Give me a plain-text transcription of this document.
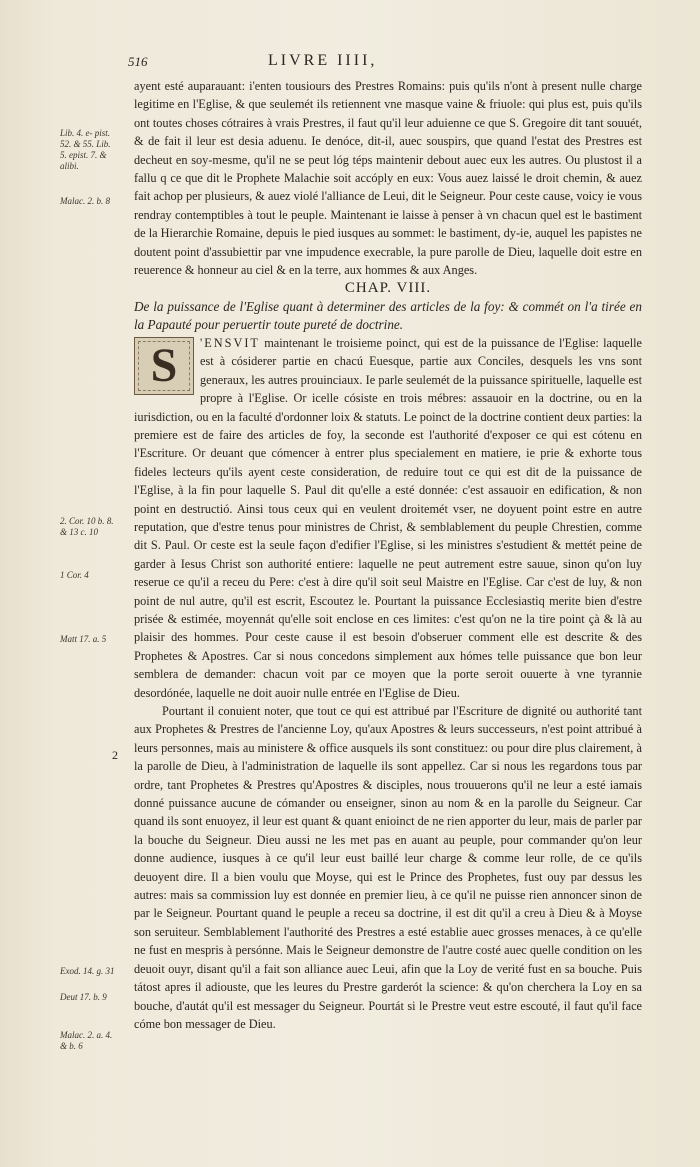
516	LIVRE IIII,
Lib. 4. e- pist. 52. & 55. Lib. 5. epist. 7. & alibi.
Malac. 2. b. 8
2. Cor. 10 b. 8. & 13 c. 10
1 Cor. 4
Matt 17. a. 5
Exod. 14. g. 31
Deut 17. b. 9
Malac. 2. a. 4. & b. 6
2

ayent esté auparauant: i'enten tousiours des Prestres Romains: puis qu'ils n'ont à present nulle charge legitime en l'Eglise, & que seulemét ils retiennent vne masque vaine & friuole: qui plus est, puis qu'ils ont toutes choses cótraires à vrais Prestres, il faut qu'il leur aduienne ce que S. Gregoire dit tant souuét, & de fait il leur est desia aduenu. Ie denóce, dit-il, auec souspirs, que quand l'estat des Prestres est decheut en soy-mesme, qu'il ne se peut lóg téps maintenir debout auec eux les autres. Ou plustost il a fallu q ce que dit le Prophete Malachie soit accóply en eux: Vous auez laissé le droit chemin, & auez fait achop per plusieurs, & auez violé l'alliance de Leui, dit le Seigneur. Pour ceste cause, voicy ie vous rendray contemptibles à tout le peuple. Maintenant ie laisse à penser à vn chacun quel est le bastiment de la Hierarchie Romaine, depuis le pied iusques au sommet: le bastiment, dy-ie, auquel les papistes ne doutent point d'assubiettir par vne impudence execrable, la pure parolle de Dieu, laquelle doit estre en reuerence & honneur au ciel & en la terre, aux hommes & aux Anges.

CHAP. VIII.

De la puissance de l'Eglise quant à determiner des articles de la foy: & commét on l'a tirée en la Papauté pour peruertir toute pureté de doctrine.

S	'ENSVIT maintenant le troisieme poinct, qui est de la puissance de l'Eglise: laquelle est à cósiderer partie en chacú Euesque, partie aux Conciles, desquels les vns sont generaux, les autres prouinciaux. Ie parle seulemét de la puissance spirituelle, laquelle est propre à l'Eglise. Or icelle cósiste en trois mébres: assauoir en la doctrine, ou en la iurisdiction, ou en la faculté d'ordonner loix & statuts. Le poinct de la doctrine contient deux parties: la premiere est de faire des articles de foy, la seconde est l'authorité d'exposer ce qui est cótenu en l'Escriture. Or deuant que cómencer à entrer plus specialement en matiere, ie prie & exhorte tous fideles lecteurs qu'ils ayent ceste consideration, de reduire tout ce qui est dit de la puissance de l'Eglise, à la fin pour laquelle S. Paul dit qu'elle a esté donnée: c'est assauoir en edification, & non point en destructió. Ainsi tous ceux qui en veulent droitemét vser, ne doyuent point estre en autre reputation, que d'estre tenus pour ministres de Christ, & semblablement du peuple Chrestien, comme dit S. Paul. Or ceste est la seule façon d'edifier l'Eglise, si les ministres s'estudient & mettét peine de garder à Iesus Christ son authorité entiere: laquelle ne peut autrement estre sauue, sinon qu'on luy reserue ce qu'il a receu du Pere: c'est à dire qu'il soit seul Maistre en l'Eglise. Car c'est de luy, & non point de nul autre, qu'il est escrit, Escoutez le. Pourtant la puissance Ecclesiastiq merite bien d'estre prisée & estimée, moyennát qu'elle soit enclose en ces limites: c'est qu'on ne la tire point çà & là au plaisir des hommes. Pour ceste cause il est besoin d'obseruer comment elle est descrite & des Prophetes & Apostres. Car si nous concedons simplement aux hómes telle puissance que bon leur semblera de demander: chacun voit par ce moyen que la porte seroit ouuerte à vne tyrannie desordónée, laquelle ne doit auoir nulle entrée en l'Eglise de Dieu.

Pourtant il conuient noter, que tout ce qui est attribué par l'Escriture de dignité ou authorité tant aux Prophetes & Prestres de l'ancienne Loy, qu'aux Apostres & leurs successeurs, n'est point attribué à leurs personnes, mais au ministere & office ausquels ils sont constituez: ou pour dire plus clairement, à la parolle de Dieu, à l'administration de laquelle ils sont appellez. Car si nous les regardons tous par ordre, tant Prophetes & Prestres qu'Apostres & disciples, nous trouuerons qu'il ne leur a esté iamais donné puissance aucune de cómander ou enseigner, sinon au nom & en la parolle du Seigneur. Car quand ils sont enuoyez, il leur est quant & quant enioinct de ne rien apporter du leur, mais de parler par la bouche du Seigneur. Dieu aussi ne les met pas en auant au peuple, pour commander qu'on leur donne audience, iusques à ce qu'il leur eust baillé leur charge & comme leur rolle, de ce qu'ils deuoyent dire. Il a bien voulu que Moyse, qui est le Prince des Prophetes, fust ouy par dessus les autres: mais sa commission luy est donnée en premier lieu, à ce qu'il ne puisse rien annoncer sinon de par le Seigneur. Pourtant quand le peuple a receu sa doctrine, il est dit qu'il a creu à Dieu & à Moyse son seruiteur. Semblablement l'authorité des Prestres a esté establie auec grosses menaces, à ce qu'elle ne fust en mespris à persónne. Mais le Seigneur demonstre de l'autre costé auec quelle condition on les deuoit ouyr, disant qu'il a fait son alliance auec Leui, afin que la Loy de verité fust en sa bouche. Puis tátost apres il adiouste, que les leures du Prestre garderót la science: & qu'on cherchera la Loy en sa bouche, d'autát qu'il est messager du Seigneur. Pourtát si le Prestre veut estre escouté, il faut qu'il face cóme bon messager de Dieu.
